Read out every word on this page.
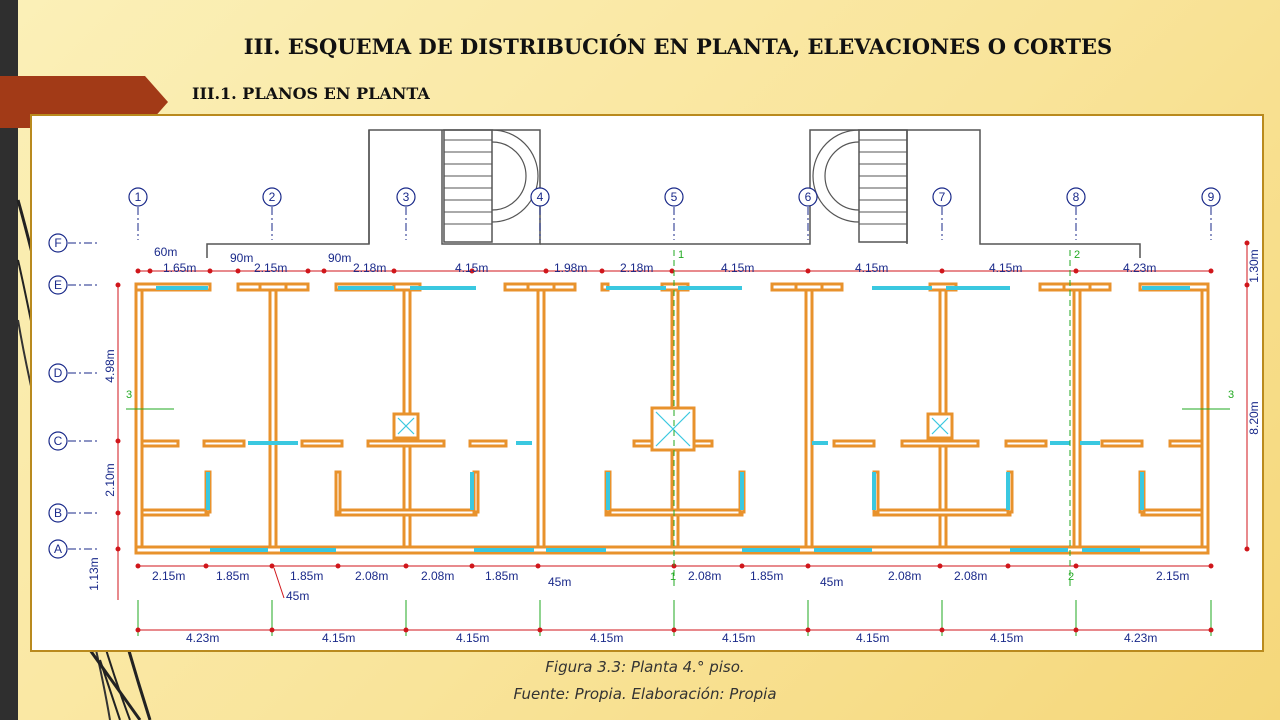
III. ESQUEMA DE DISTRIBUCIÓN EN PLANTA, ELEVACIONES O CORTES
III.1. PLANOS EN PLANTA
1	2	3	4	5	6	7	8	9
F
E
D
C
B
A
60m
1.65m
90m
2.15m
90m
2.18m	4.15m	1.98m	2.18m	4.15m	4.15m	4.15m	4.23m
2.15m	1.85m	1.85m	2.08m	2.08m	1.85m 45m	2.08m 1.85m	45m	2.08m	2.08m	2.15m
45m
4.23m	4.15m	4.15m	4.15m	4.15m	4.15m	4.15m	4.23m
4.98m
2.10m
1.13m
1.30m
8.20m
1
1
2
2
3	3
Figura 3.3: Planta 4.° piso.
Fuente: Propia. Elaboración: Propia
